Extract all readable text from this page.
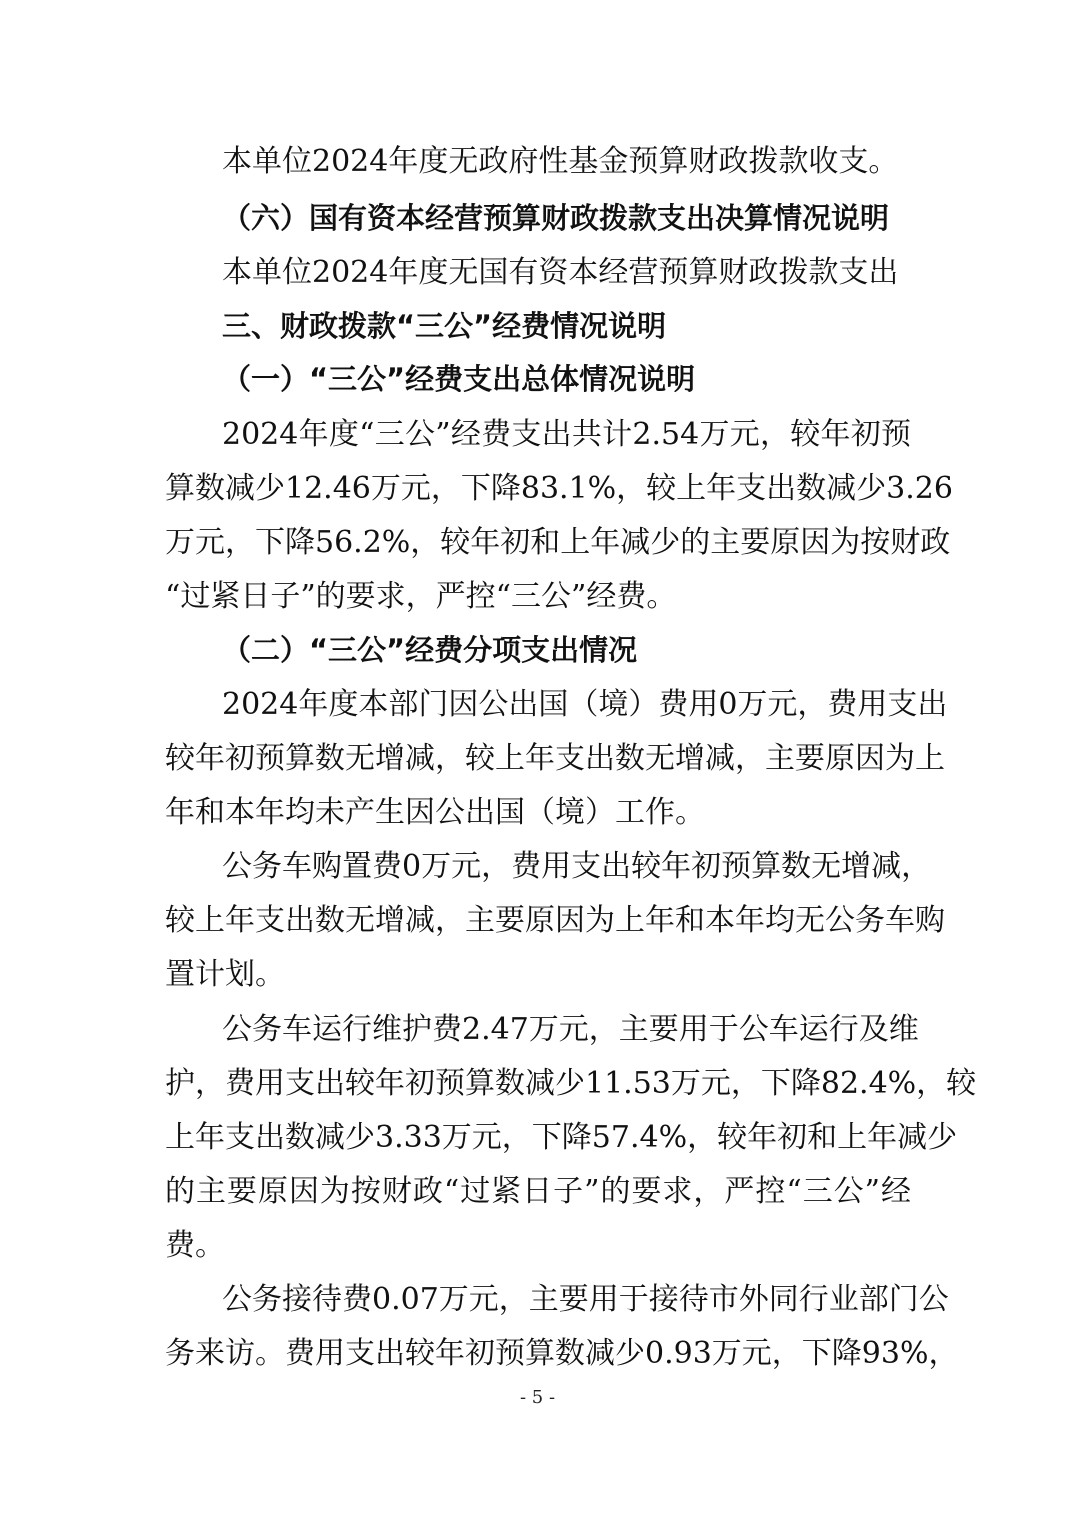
本单位2024年度无政府性基金预算财政拨款收支。
（六）国有资本经营预算财政拨款支出决算情况说明
本单位2024年度无国有资本经营预算财政拨款支出
三、财政拨款“三公”经费情况说明
（一）“三公”经费支出总体情况说明
2024年度“三公”经费支出共计2.54万元，较年初预
算数减少12.46万元，下降83.1%，较上年支出数减少3.26
万元，下降56.2%，较年初和上年减少的主要原因为按财政
“过紧日子”的要求，严控“三公”经费。
（二）“三公”经费分项支出情况
2024年度本部门因公出国（境）费用0万元，费用支出
较年初预算数无增减，较上年支出数无增减，主要原因为上
年和本年均未产生因公出国（境）工作。
公务车购置费0万元，费用支出较年初预算数无增减，
较上年支出数无增减，主要原因为上年和本年均无公务车购
置计划。
公务车运行维护费2.47万元，主要用于公车运行及维
护，费用支出较年初预算数减少11.53万元，下降82.4%，较
上年支出数减少3.33万元，下降57.4%，较年初和上年减少
的主要原因为按财政“过紧日子”的要求，严控“三公”经
费。
公务接待费0.07万元，主要用于接待市外同行业部门公
务来访。费用支出较年初预算数减少0.93万元，下降93%，
- 5 -
